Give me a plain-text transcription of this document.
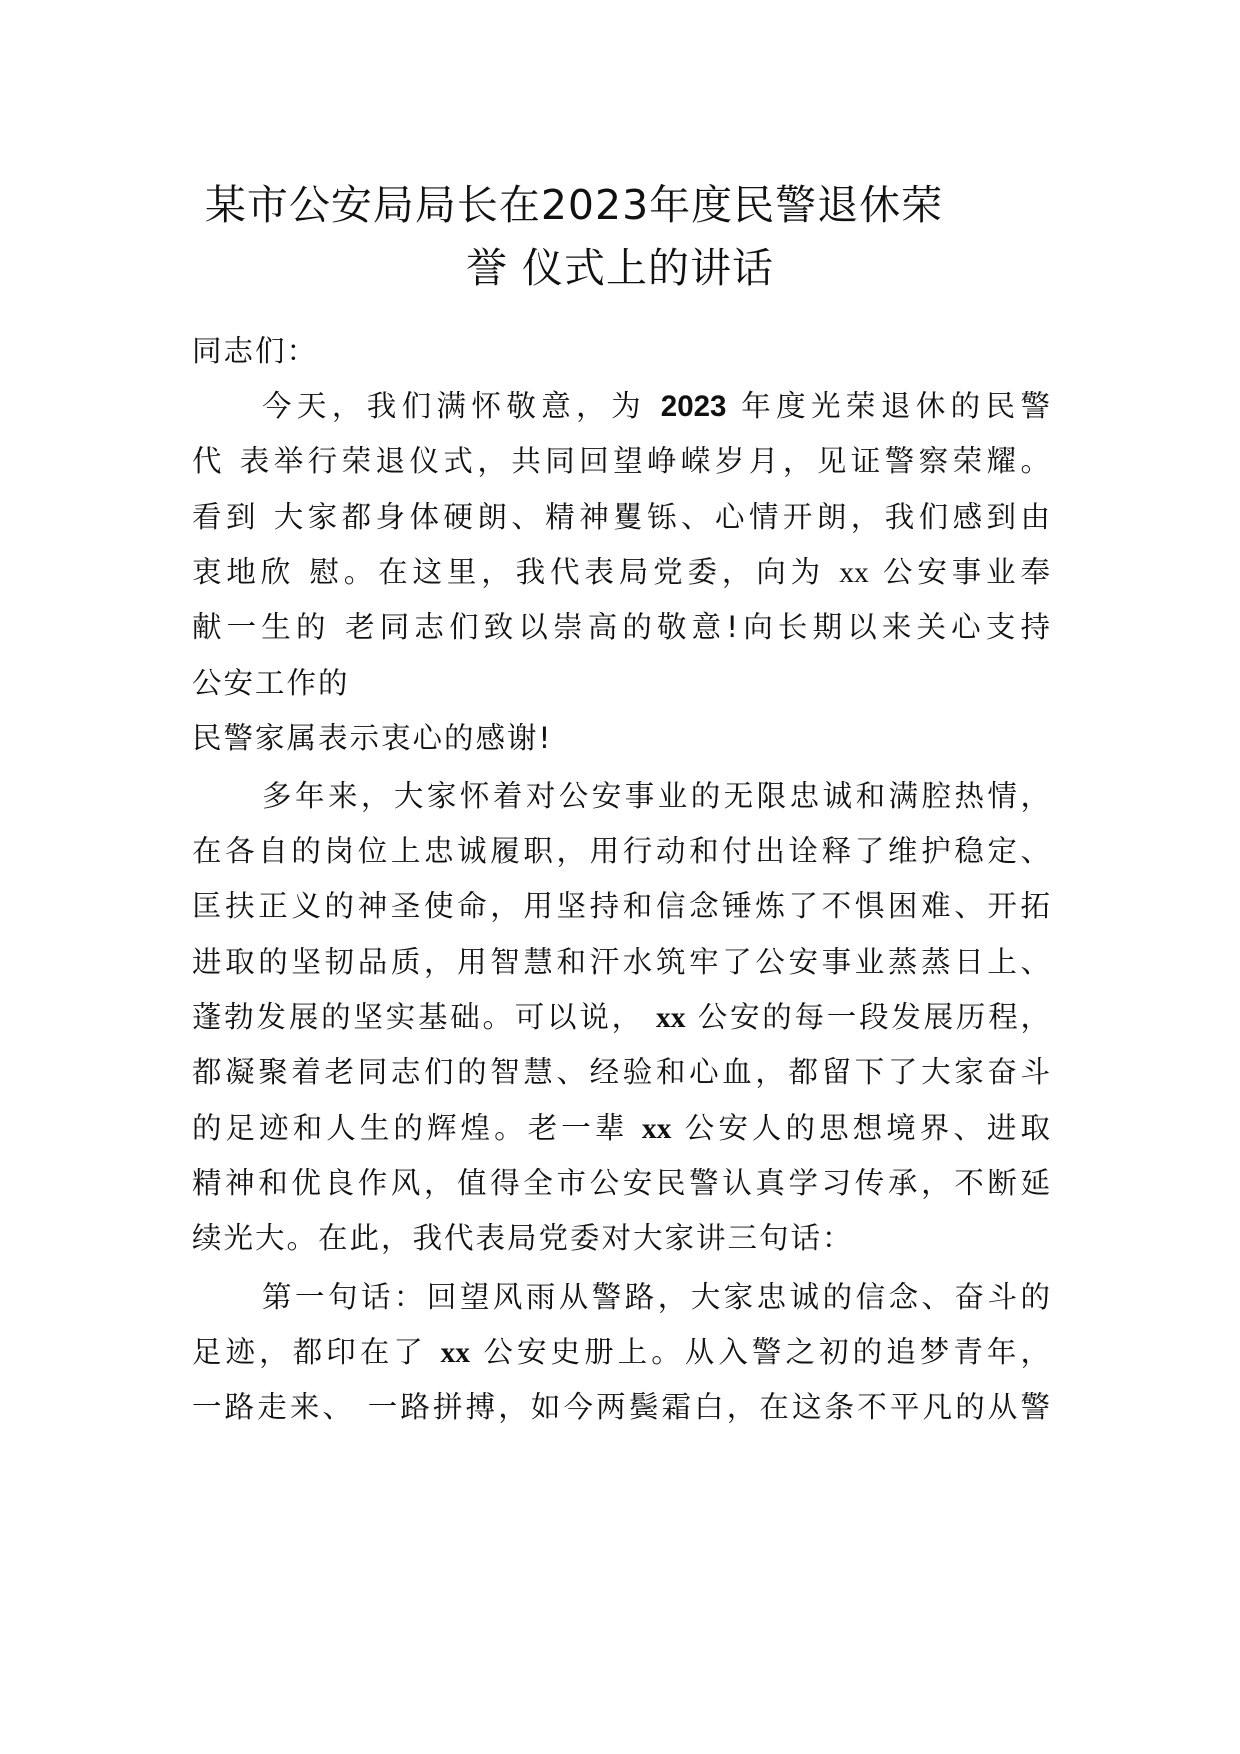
某市公安局局长在2023年度民警退休荣
誉 仪式上的讲话
同志们：
今天，我们满怀敬意，为 2023 年度光荣退休的民警
代 表举行荣退仪式，共同回望峥嵘岁月，见证警察荣耀。
看到 大家都身体硬朗、精神矍铄、心情开朗，我们感到由
衷地欣 慰。在这里，我代表局党委，向为 xx 公安事业奉
献一生的 老同志们致以崇高的敬意!向长期以来关心支持
公安工作的
民警家属表示衷心的感谢!
多年来，大家怀着对公安事业的无限忠诚和满腔热情，
在各自的岗位上忠诚履职，用行动和付出诠释了维护稳定、
匡扶正义的神圣使命，用坚持和信念锤炼了不惧困难、开拓
进取的坚韧品质，用智慧和汗水筑牢了公安事业蒸蒸日上、
蓬勃发展的坚实基础。可以说， xx 公安的每一段发展历程，
都凝聚着老同志们的智慧、经验和心血，都留下了大家奋斗
的足迹和人生的辉煌。老一辈 xx 公安人的思想境界、进取
精神和优良作风，值得全市公安民警认真学习传承，不断延
续光大。在此，我代表局党委对大家讲三句话：
第一句话：回望风雨从警路，大家忠诚的信念、奋斗的
足迹，都印在了 xx 公安史册上。从入警之初的追梦青年，
一路走来、 一路拼搏，如今两鬓霜白，在这条不平凡的从警
